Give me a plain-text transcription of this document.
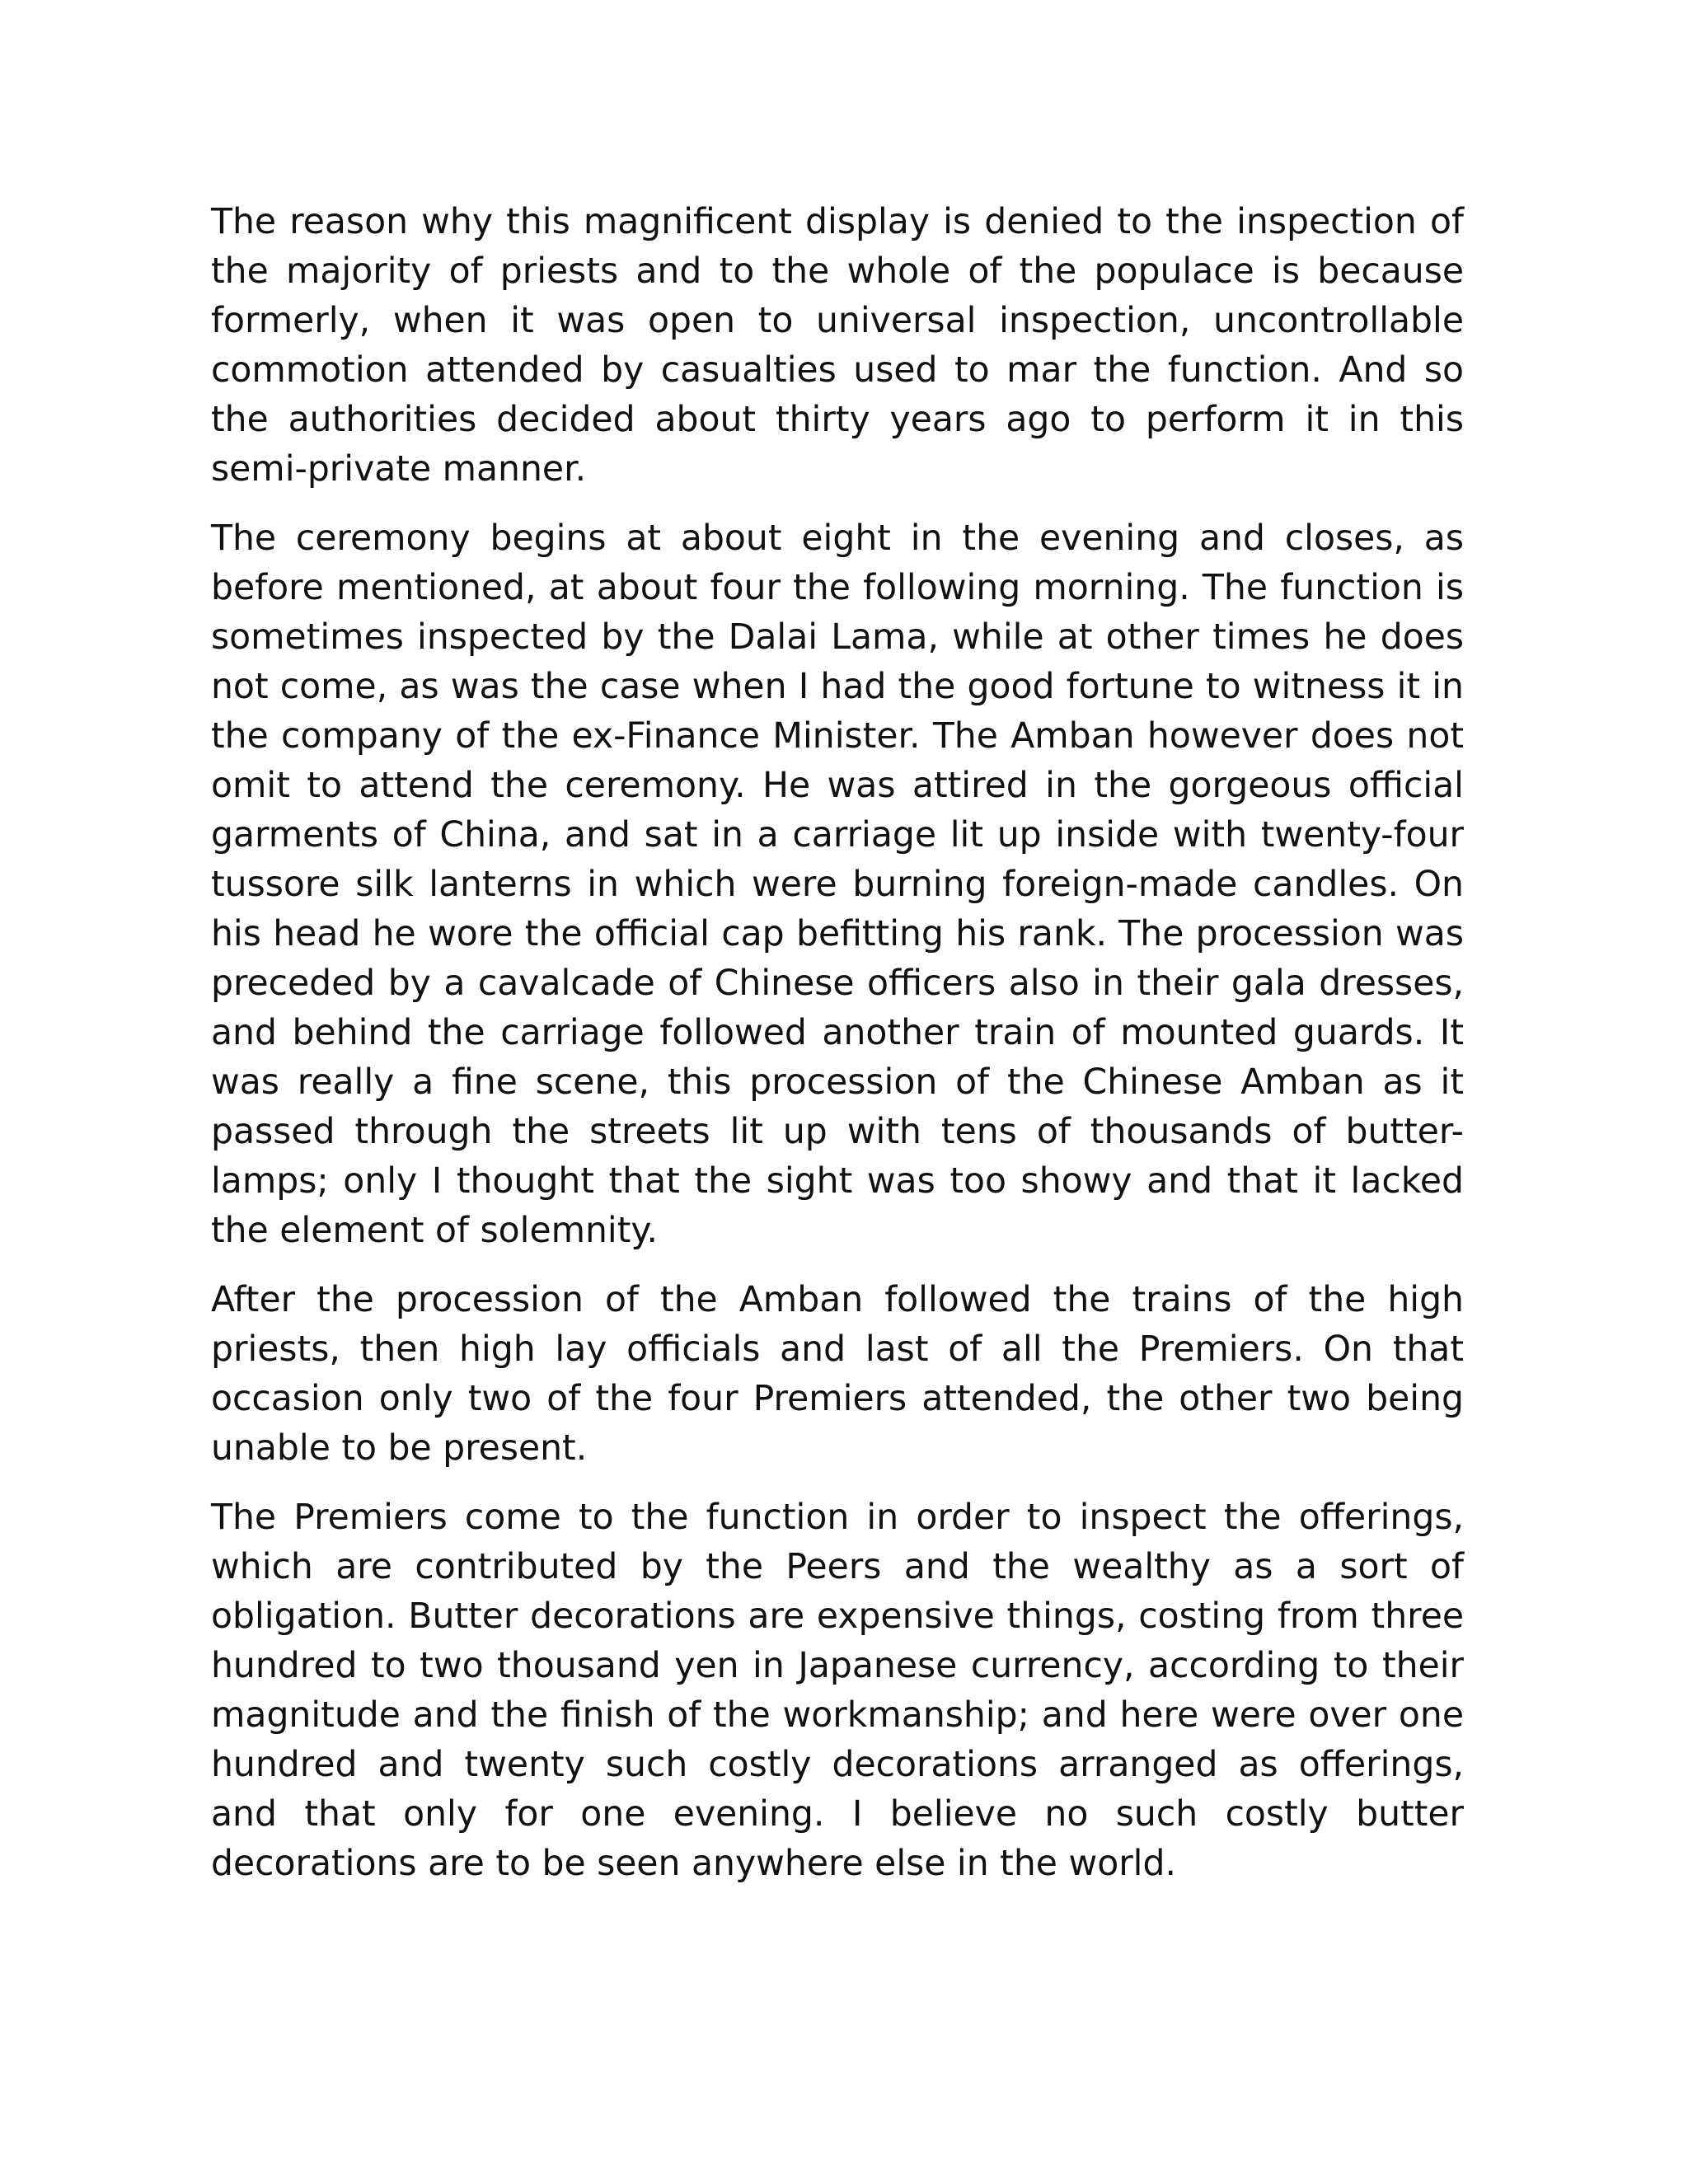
The reason why this magnificent display is denied to the inspection of the majority of priests and to the whole of the populace is because formerly, when it was open to universal inspection, uncontrollable commotion attended by casualties used to mar the function. And so the authorities decided about thirty years ago to perform it in this semi-private manner.

The ceremony begins at about eight in the evening and closes, as before mentioned, at about four the following morning. The function is sometimes inspected by the Dalai Lama, while at other times he does not come, as was the case when I had the good fortune to witness it in the company of the ex-Finance Minister. The Amban however does not omit to attend the ceremony. He was attired in the gorgeous official garments of China, and sat in a carriage lit up inside with twenty-four tussore silk lanterns in which were burning foreign-made candles. On his head he wore the official cap befitting his rank. The procession was preceded by a cavalcade of Chinese officers also in their gala dresses, and behind the carriage followed another train of mounted guards. It was really a fine scene, this procession of the Chinese Amban as it passed through the streets lit up with tens of thousands of butter-lamps; only I thought that the sight was too showy and that it lacked the element of solemnity.

After the procession of the Amban followed the trains of the high priests, then high lay officials and last of all the Premiers. On that occasion only two of the four Premiers attended, the other two being unable to be present.

The Premiers come to the function in order to inspect the offerings, which are contributed by the Peers and the wealthy as a sort of obligation. Butter decorations are expensive things, costing from three hundred to two thousand yen in Japanese currency, according to their magnitude and the finish of the workmanship; and here were over one hundred and twenty such costly decorations arranged as offerings, and that only for one evening. I believe no such costly butter decorations are to be seen anywhere else in the world.
